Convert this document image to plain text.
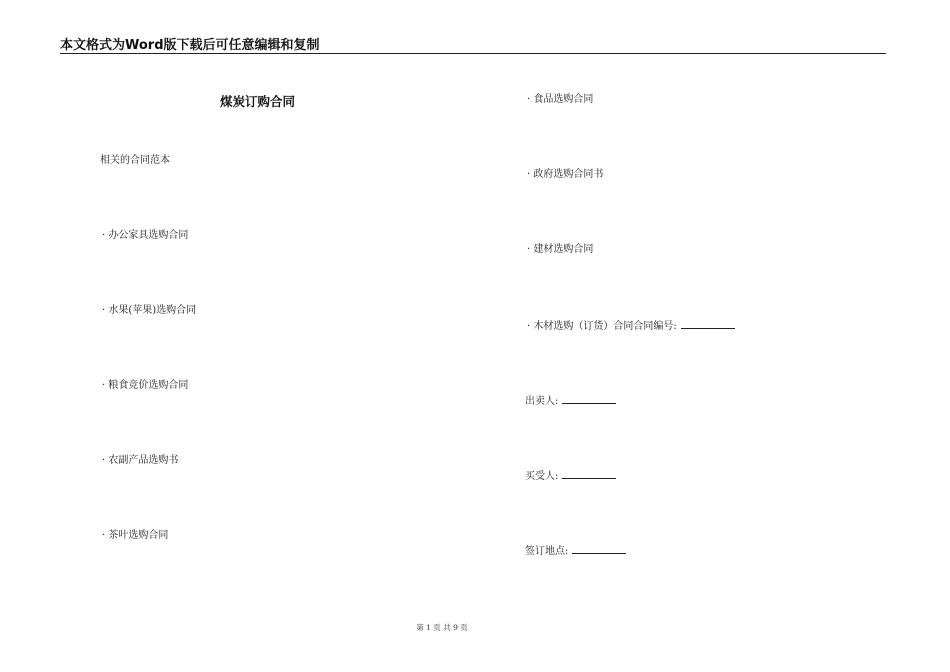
本文格式为Word版下载后可任意编辑和复制
煤炭订购合同
相关的合同范本
· 办公家具选购合同
· 水果(苹果)选购合同
· 粮食竞价选购合同
· 农副产品选购书
· 茶叶选购合同
· 食品选购合同
· 政府选购合同书
· 建材选购合同
· 木材选购（订货）合同合同编号:
出卖人:
买受人:
签订地点:
第 1 页 共 9 页
